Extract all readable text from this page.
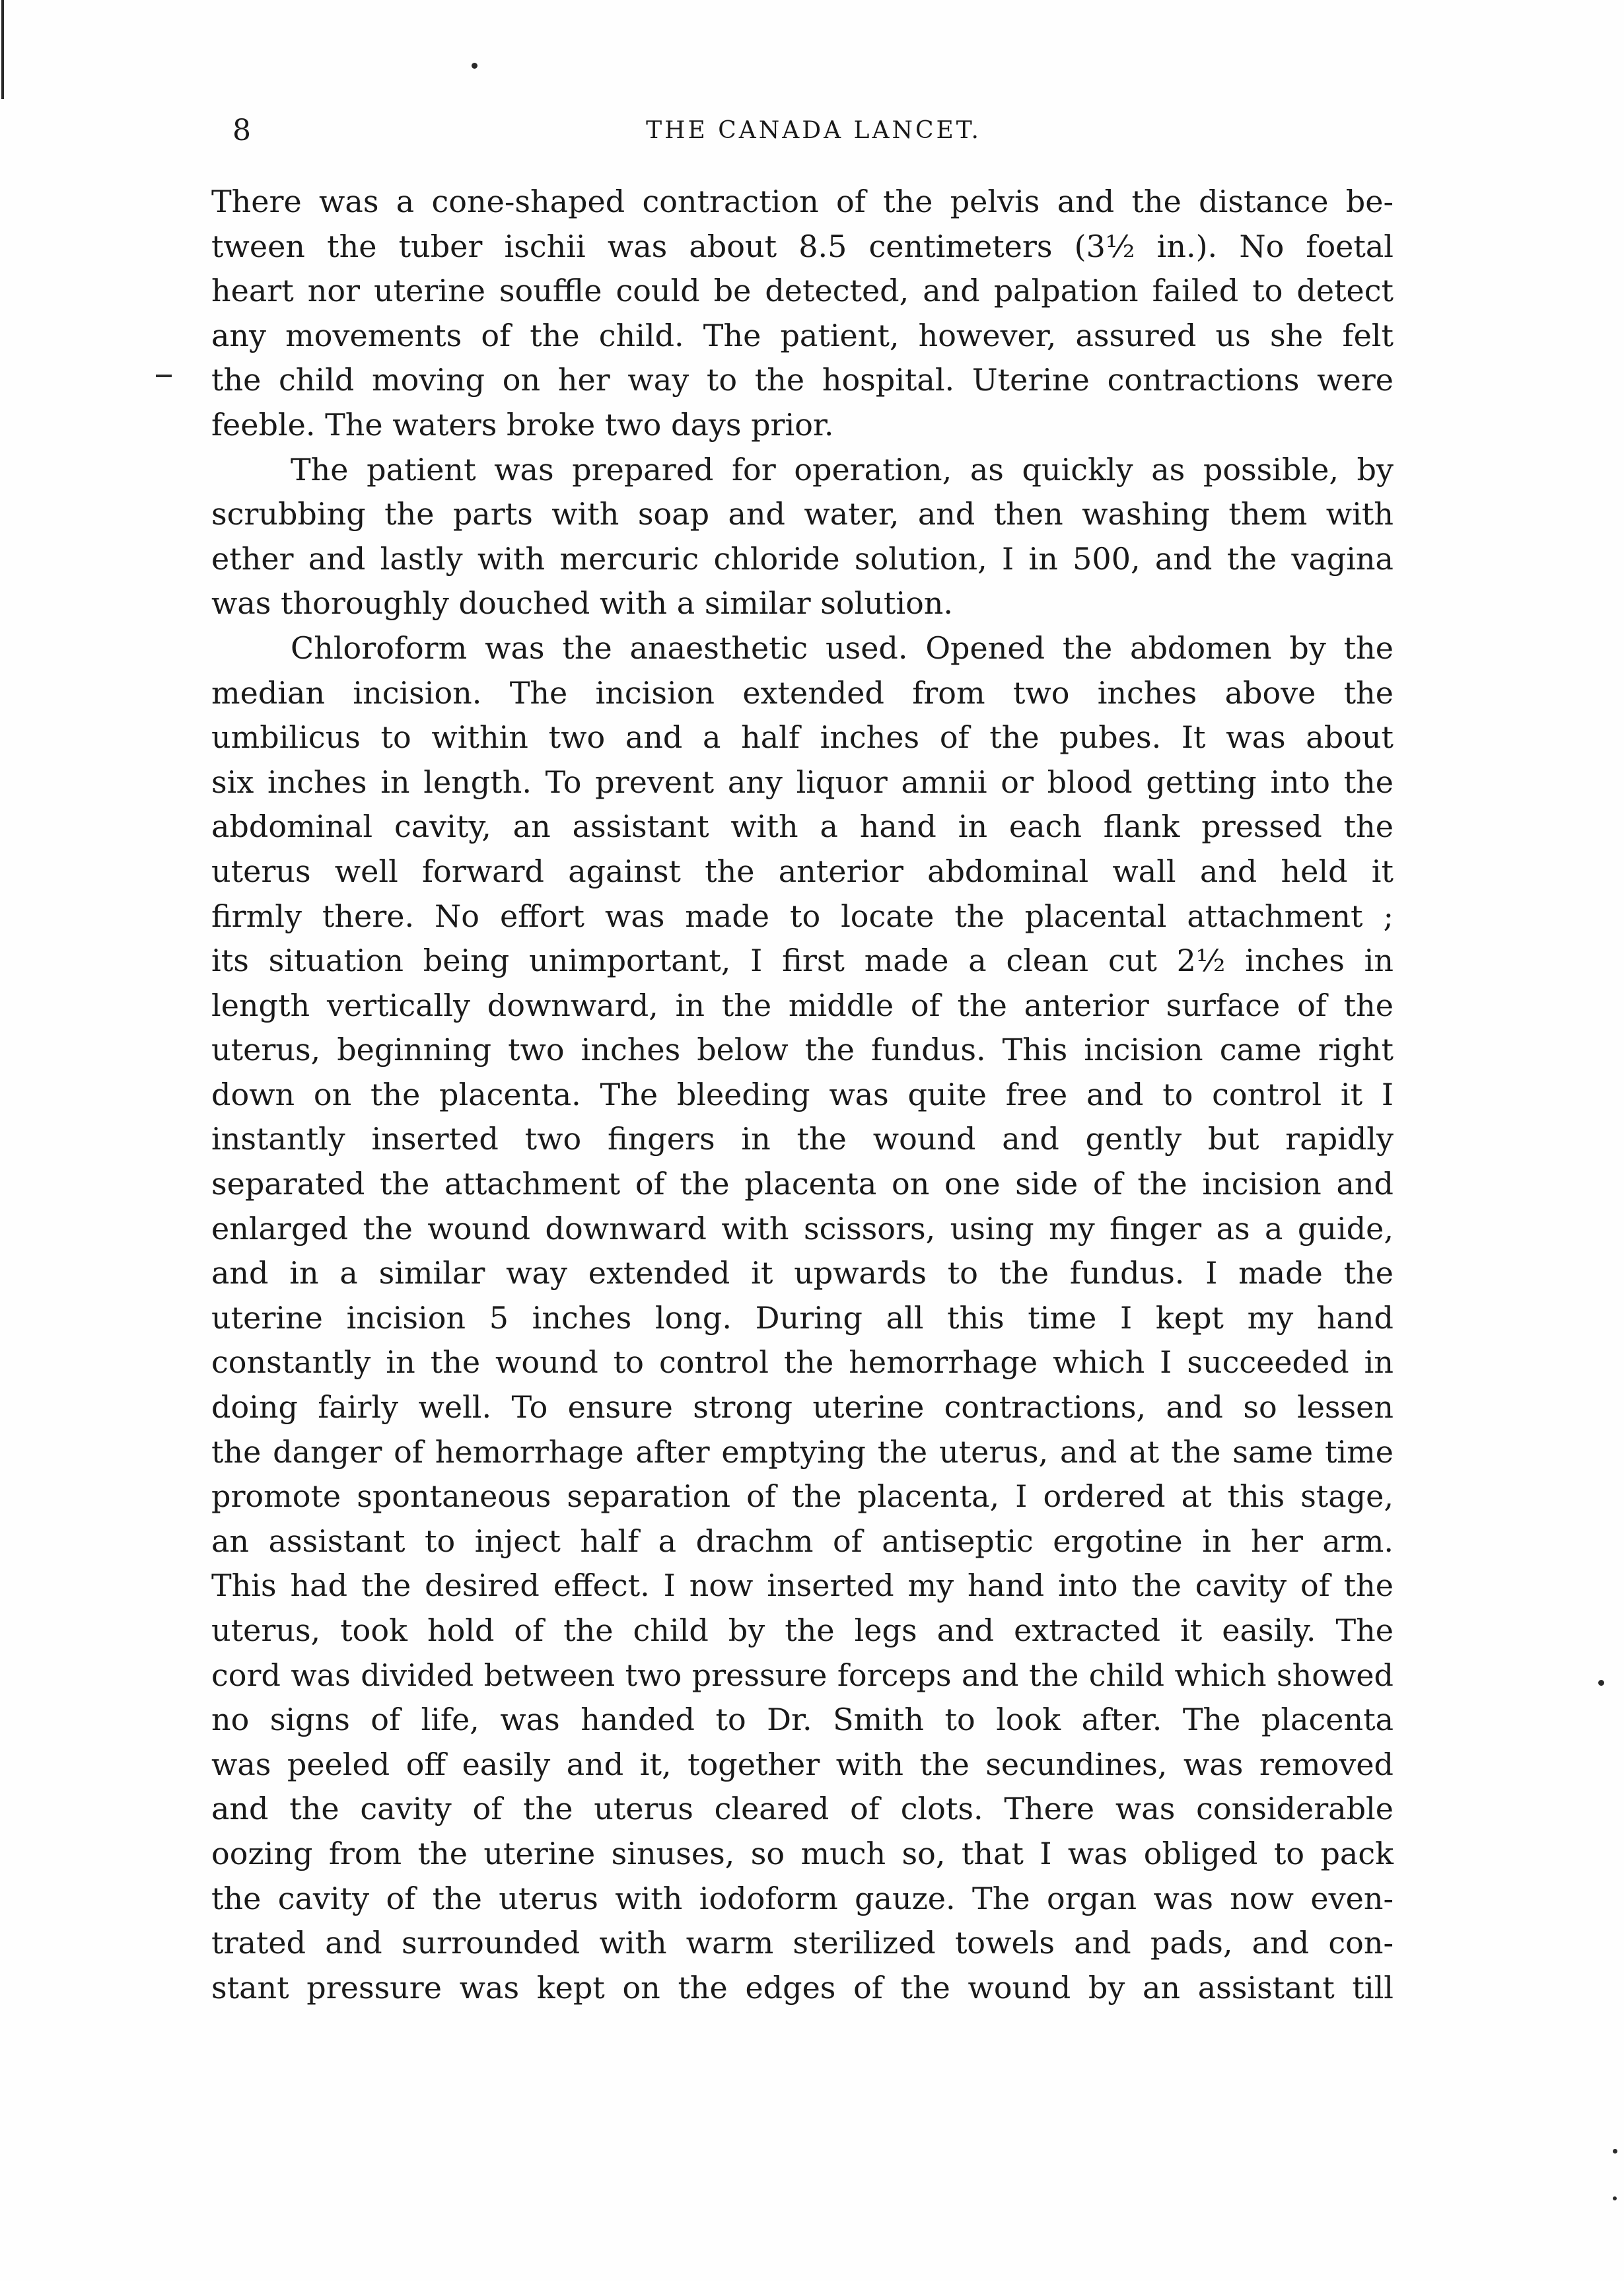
8	THE CANADA LANCET.

There was a cone-shaped contraction of the pelvis and the distance be-

tween the tuber ischii was about 8.5 centimeters (3½ in.). No foetal

heart nor uterine souffle could be detected, and palpation failed to detect

any movements of the child. The patient, however, assured us she felt

the child moving on her way to the hospital. Uterine contractions were

feeble. The waters broke two days prior.

The patient was prepared for operation, as quickly as possible, by

scrubbing the parts with soap and water, and then washing them with

ether and lastly with mercuric chloride solution, I in 500, and the vagina

was thoroughly douched with a similar solution.

Chloroform was the anaesthetic used. Opened the abdomen by the

median incision. The incision extended from two inches above the

umbilicus to within two and a half inches of the pubes. It was about

six inches in length. To prevent any liquor amnii or blood getting into the

abdominal cavity, an assistant with a hand in each flank pressed the

uterus well forward against the anterior abdominal wall and held it

firmly there. No effort was made to locate the placental attachment ;

its situation being unimportant, I first made a clean cut 2½ inches in

length vertically downward, in the middle of the anterior surface of the

uterus, beginning two inches below the fundus. This incision came right

down on the placenta. The bleeding was quite free and to control it I

instantly inserted two fingers in the wound and gently but rapidly

separated the attachment of the placenta on one side of the incision and

enlarged the wound downward with scissors, using my finger as a guide,

and in a similar way extended it upwards to the fundus. I made the

uterine incision 5 inches long. During all this time I kept my hand

constantly in the wound to control the hemorrhage which I succeeded in

doing fairly well. To ensure strong uterine contractions, and so lessen

the danger of hemorrhage after emptying the uterus, and at the same time

promote spontaneous separation of the placenta, I ordered at this stage,

an assistant to inject half a drachm of antiseptic ergotine in her arm.

This had the desired effect. I now inserted my hand into the cavity of the

uterus, took hold of the child by the legs and extracted it easily. The

cord was divided between two pressure forceps and the child which showed

no signs of life, was handed to Dr. Smith to look after. The placenta

was peeled off easily and it, together with the secundines, was removed

and the cavity of the uterus cleared of clots. There was considerable

oozing from the uterine sinuses, so much so, that I was obliged to pack

the cavity of the uterus with iodoform gauze. The organ was now even-

trated and surrounded with warm sterilized towels and pads, and con-

stant pressure was kept on the edges of the wound by an assistant till
